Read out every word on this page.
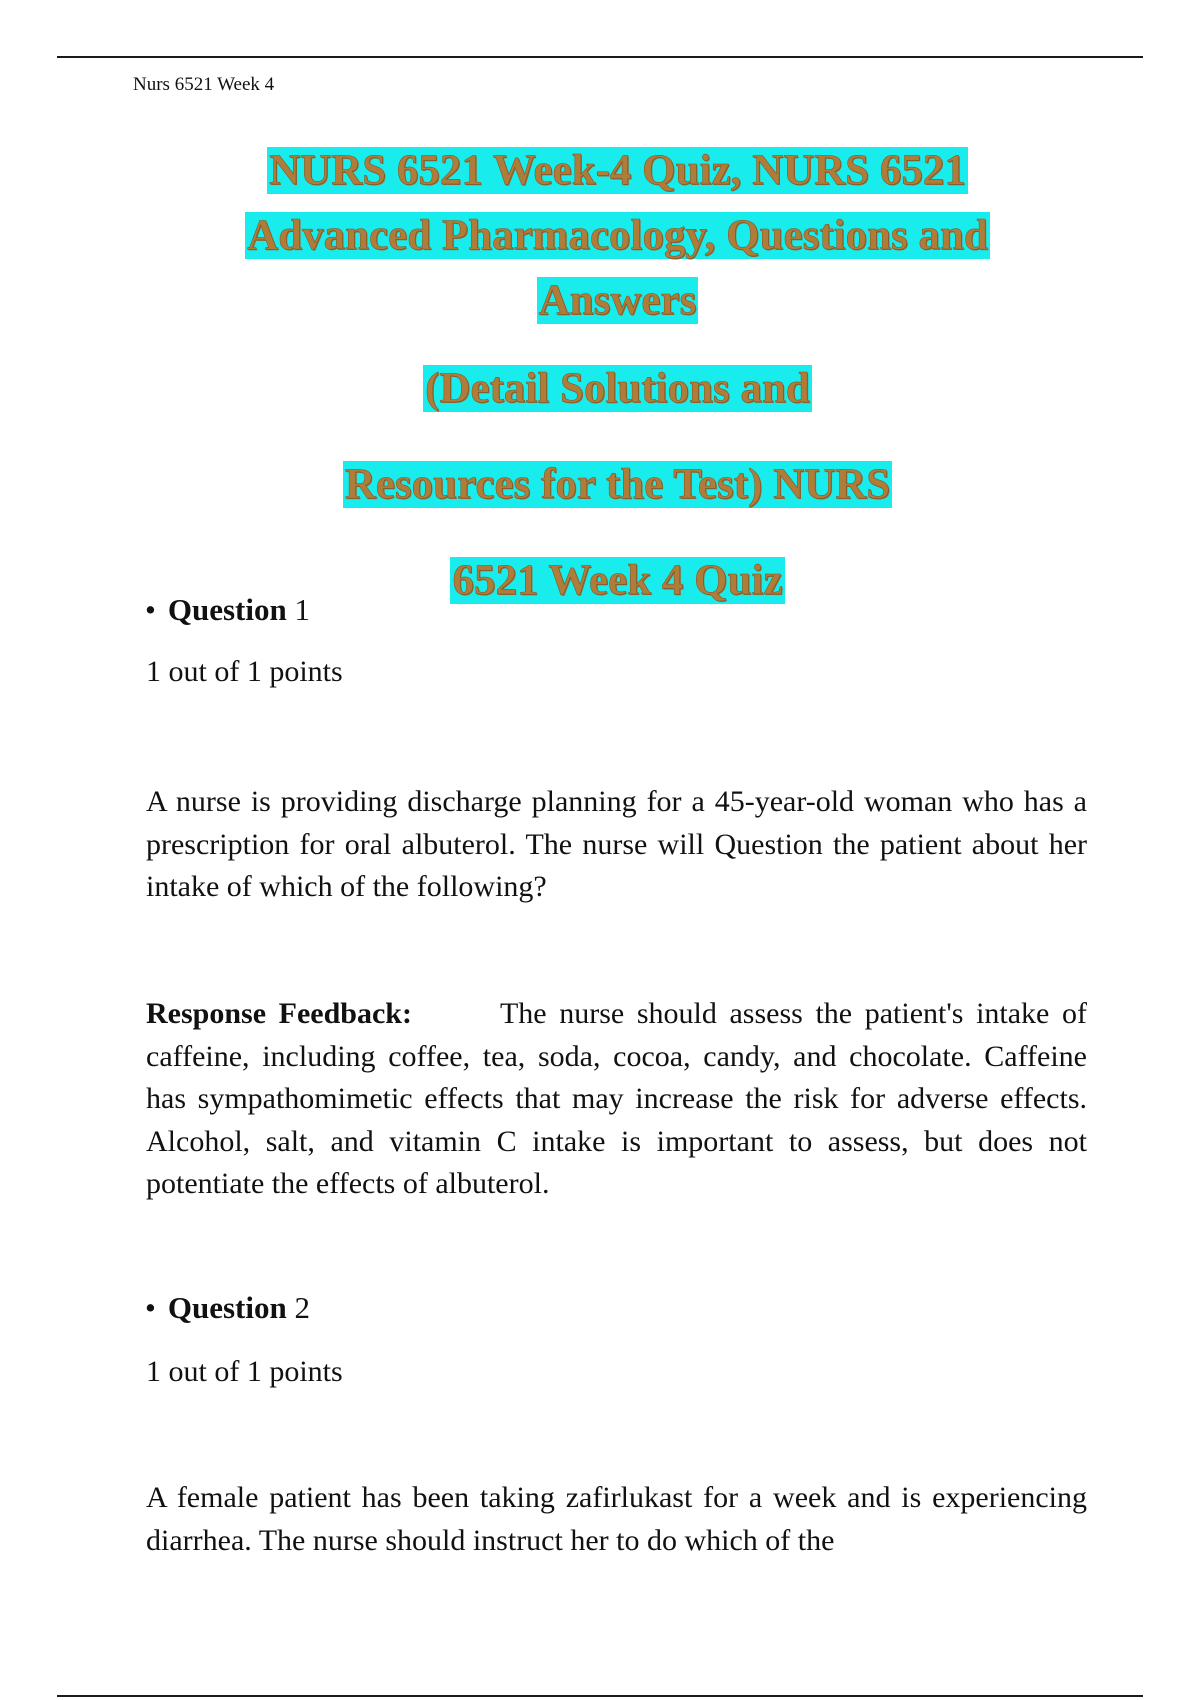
Nurs 6521 Week 4
NURS 6521 Week-4 Quiz, NURS 6521
Advanced Pharmacology, Questions and
Answers
(Detail Solutions and
Resources for the Test) NURS
6521 Week 4 Quiz
• Question 1
1 out of 1 points
A nurse is providing discharge planning for a 45-year-old woman who has a prescription for oral albuterol. The nurse will Question the patient about her intake of which of the following?
Response Feedback:	The nurse should assess the patient's intake of caffeine, including coffee, tea, soda, cocoa, candy, and chocolate. Caffeine has sympathomimetic effects that may increase the risk for adverse effects. Alcohol, salt, and vitamin C intake is important to assess, but does not potentiate the effects of albuterol.
• Question 2
1 out of 1 points
A female patient has been taking zafirlukast for a week and is experiencing diarrhea. The nurse should instruct her to do which of the
